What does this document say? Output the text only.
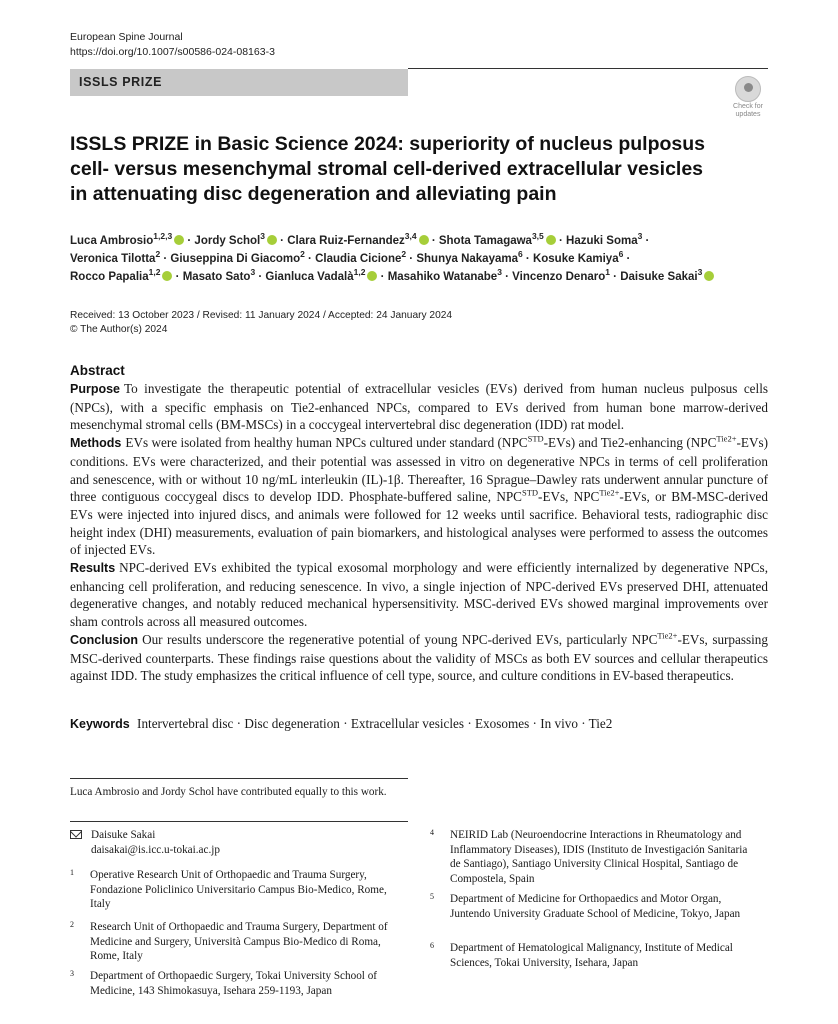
European Spine Journal
https://doi.org/10.1007/s00586-024-08163-3
ISSLS PRIZE
Check for
updates
ISSLS PRIZE in Basic Science 2024: superiority of nucleus pulposus
cell- versus mesenchymal stromal cell-derived extracellular vesicles
in attenuating disc degeneration and alleviating pain
Luca Ambrosio$^{1,2,3}$ · Jordy Schol$^3$ · Clara Ruiz-Fernandez$^{3,4}$ · Shota Tamagawa$^{3,5}$ · Hazuki Soma$^3$ ·
Veronica Tilotta$^2$ · Giuseppina Di Giacomo$^2$ · Claudia Cicione$^2$ · Shunya Nakayama$^6$ · Kosuke Kamiya$^6$ ·
Rocco Papalia$^{1,2}$ · Masato Sato$^3$ · Gianluca Vadalà$^{1,2}$ · Masahiko Watanabe$^3$ · Vincenzo Denaro$^1$ · Daisuke Sakai$^3$
Received: 13 October 2023 / Revised: 11 January 2024 / Accepted: 24 January 2024
© The Author(s) 2024
Abstract

Purpose To investigate the therapeutic potential of extracellular vesicles (EVs) derived from human nucleus pulposus cells (NPCs), with a specific emphasis on Tie2-enhanced NPCs, compared to EVs derived from human bone marrow-derived mesenchymal stromal cells (BM-MSCs) in a coccygeal intervertebral disc degeneration (IDD) rat model.

Methods EVs were isolated from healthy human NPCs cultured under standard $(NPC^{STD}-EVs)$ and Tie2-enhancing $(NPC^{Tie2+}-EVs)$ conditions. EVs were characterized, and their potential was assessed in vitro on degenerative NPCs in terms of cell proliferation and senescence, with or without 10 ng/mL interleukin (IL)-1β. Thereafter, 16 Sprague–Dawley rats underwent annular puncture of three contiguous coccygeal discs to develop IDD. Phosphate-buffered saline, $NPC^{STD}$-EVs, $NPC^{Tie2+}$-EVs, or BM-MSC-derived EVs were injected into injured discs, and animals were followed for 12 weeks until sacrifice. Behavioral tests, radiographic disc height index (DHI) measurements, evaluation of pain biomarkers, and histological analyses were performed to assess the outcomes of injected EVs.

Results NPC-derived EVs exhibited the typical exosomal morphology and were efficiently internalized by degenerative NPCs, enhancing cell proliferation, and reducing senescence. In vivo, a single injection of NPC-derived EVs preserved DHI, attenuated degenerative changes, and notably reduced mechanical hypersensitivity. MSC-derived EVs showed marginal improvements over sham controls across all measured outcomes.

Conclusion Our results underscore the regenerative potential of young NPC-derived EVs, particularly $NPC^{Tie2+}$-EVs, surpassing MSC-derived counterparts. These findings raise questions about the validity of MSCs as both EV sources and cellular therapeutics against IDD. The study emphasizes the critical influence of cell type, source, and culture conditions in EV-based therapeutics.

Keywords Intervertebral disc · Disc degeneration · Extracellular vesicles · Exosomes · In vivo · Tie2
Luca Ambrosio and Jordy Schol have contributed equally to this work.
Daisuke Sakai
daisakai@is.icc.u-tokai.ac.jp
1 Operative Research Unit of Orthopaedic and Trauma Surgery, Fondazione Policlinico Universitario Campus Bio-Medico, Rome, Italy
2 Research Unit of Orthopaedic and Trauma Surgery, Department of Medicine and Surgery, Università Campus Bio-Medico di Roma, Rome, Italy
3 Department of Orthopaedic Surgery, Tokai University School of Medicine, 143 Shimokasuya, Isehara 259-1193, Japan
4 NEIRID Lab (Neuroendocrine Interactions in Rheumatology and Inflammatory Diseases), IDIS (Instituto de Investigación Sanitaria de Santiago), Santiago University Clinical Hospital, Santiago de Compostela, Spain
5 Department of Medicine for Orthopaedics and Motor Organ, Juntendo University Graduate School of Medicine, Tokyo, Japan
6 Department of Hematological Malignancy, Institute of Medical Sciences, Tokai University, Isehara, Japan
